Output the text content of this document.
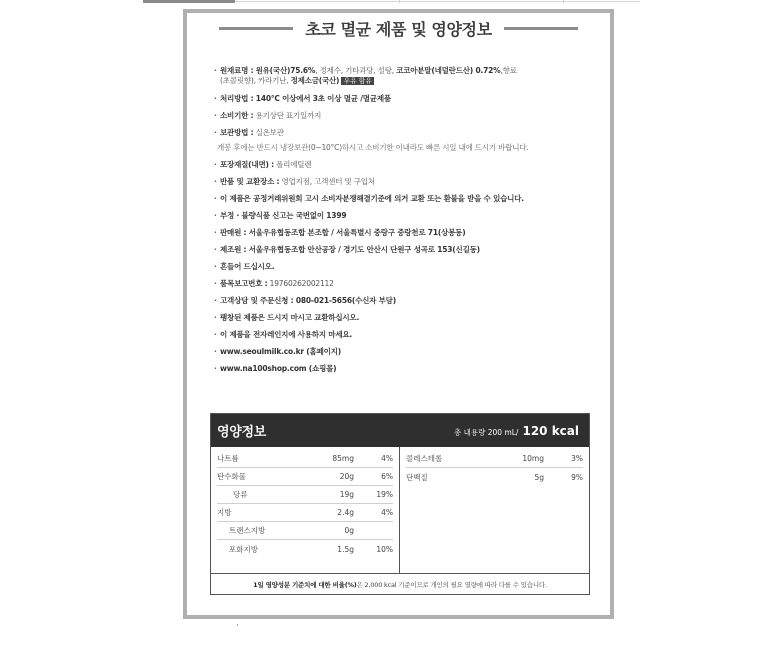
초코 멸균 제품 및 영양정보
· 원재료명 : 원유(국산)75.6%, 정제수, 기타과당, 설탕, 코코아분말(네덜란드산) 0.72%,향료
(초콜릿향), 카라기난, 정제소금(국산) 우유 함유
· 처리방법 : 140°C 이상에서 3초 이상 멸균 /멸균제품
· 소비기한 : 용기상단 표기일까지
· 보관방법 : 실온보관
개봉 후에는 반드시 냉장보관(0~10°C)하시고 소비기한 이내라도 빠른 시일 내에 드시기 바랍니다.
· 포장재질(내면) : 폴리에틸렌
· 반품 및 교환장소 : 영업지점, 고객센터 및 구입처
· 이 제품은 공정거래위원회 고시 소비자분쟁해결기준에 의거 교환 또는 환불을 받을 수 있습니다.
· 부정 · 불량식품 신고는 국번없이 1399
· 판매원 : 서울우유협동조합 본조합 / 서울특별시 중랑구 중랑천로 71(상봉동)
· 제조원 : 서울우유협동조합 안산공장 / 경기도 안산시 단원구 성곡로 153(신길동)
· 흔들어 드십시오.
· 품목보고번호 : 19760262002112
· 고객상담 및 주문신청 : 080-021-5656(수신자 부담)
· 팽창된 제품은 드시지 마시고 교환하십시오.
· 이 제품을 전자레인지에 사용하지 마세요.
· www.seoulmilk.co.kr (홈페이지)
· www.na100shop.com (쇼핑몰)
영양정보	총 내용량 200 mL/ 120 kcal
나트륨	85mg	4%
탄수화물	20g	6%
당류	19g	19%
지방	2.4g	4%
트랜스지방	0g
포화지방	1.5g	10%
콜레스테롤	10mg	3%
단백질	5g	9%
1일 영양성분 기준치에 대한 비율(%) 은 2,000 kcal 기준이므로 개인의 필요 열량에 따라 다를 수 있습니다.
